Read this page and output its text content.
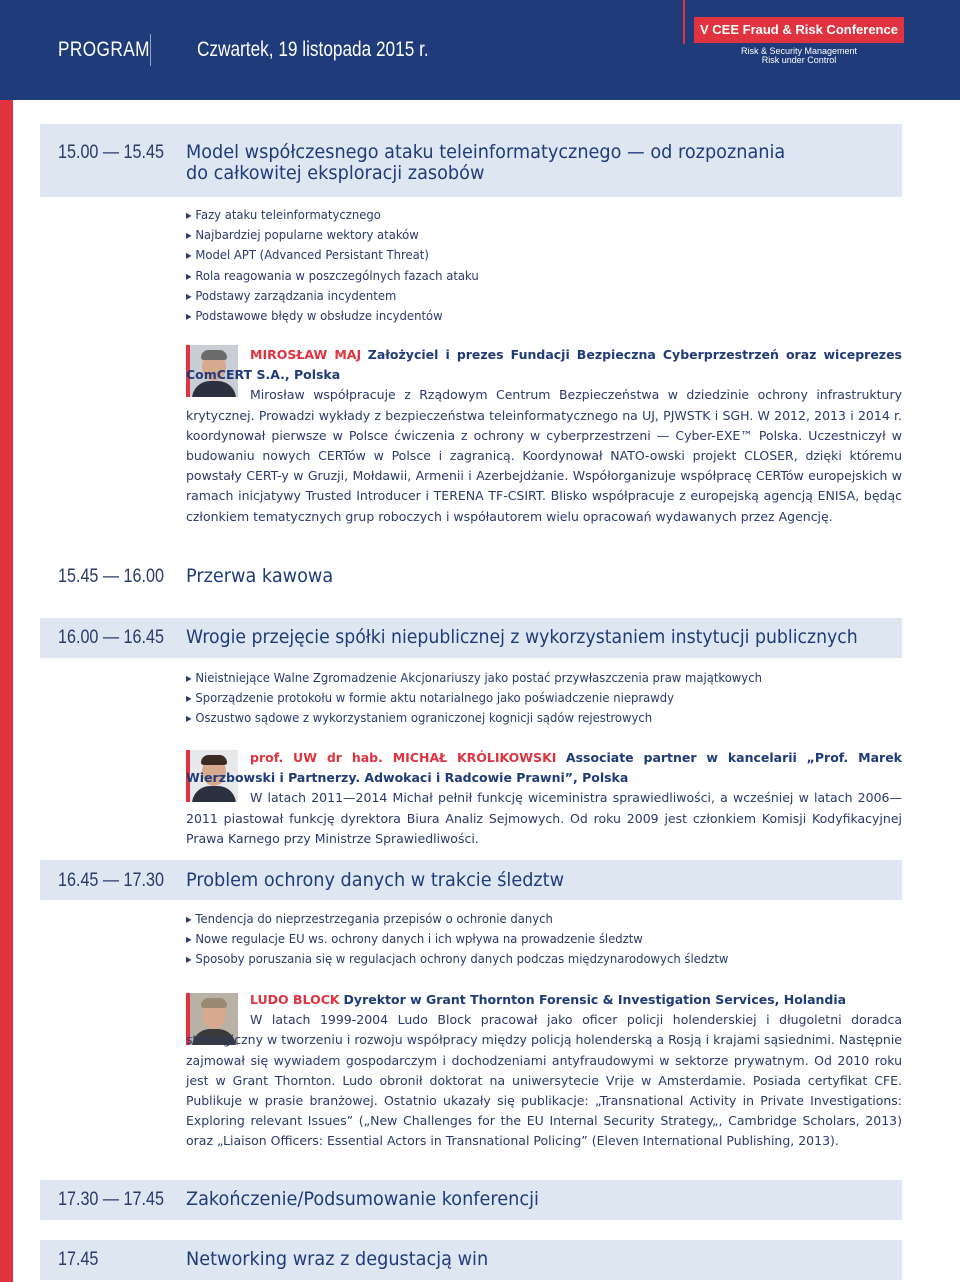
PROGRAM Czwartek, 19 listopada 2015 r.
V CEE Fraud & Risk Conference
Risk & Security Management
Risk under Control
15.00 — 15.45 Model współczesnego ataku teleinformatycznego — od rozpoznania
do całkowitej eksploracji zasobów
▸ Fazy ataku teleinformatycznego
▸ Najbardziej popularne wektory ataków
▸ Model APT (Advanced Persistant Threat)
▸ Rola reagowania w poszczególnych fazach ataku
▸ Podstawy zarządzania incydentem
▸ Podstawowe błędy w obsłudze incydentów

MIROSŁAW MAJ Założyciel i prezes Fundacji Bezpieczna Cyberprzestrzeń oraz wiceprezes ComCERT S.A., Polska

Mirosław współpracuje z Rządowym Centrum Bezpieczeństwa w dziedzinie ochrony infrastruktury krytycznej. Prowadzi wykłady z bezpieczeństwa teleinformatycznego na UJ, PJWSTK i SGH. W 2012, 2013 i 2014 r. koordynował pierwsze w Polsce ćwiczenia z ochrony w cyberprzestrzeni — Cyber-EXE™ Polska. Uczestniczył w budowaniu nowych CERTów w Polsce i zagranicą. Koordynował NATO-owski projekt CLOSER, dzięki któremu powstały CERT-y w Gruzji, Mołdawii, Armenii i Azerbejdżanie. Współorganizuje współpracę CERTów europejskich w ramach inicjatywy Trusted Introducer i TERENA TF-CSIRT. Blisko współpracuje z europejską agencją ENISA, będąc członkiem tematycznych grup roboczych i współautorem wielu opracowań wydawanych przez Agencję.

15.45 — 16.00 Przerwa kawowa
16.00 — 16.45 Wrogie przejęcie spółki niepublicznej z wykorzystaniem instytucji publicznych
▸ Nieistniejące Walne Zgromadzenie Akcjonariuszy jako postać przywłaszczenia praw majątkowych
▸ Sporządzenie protokołu w formie aktu notarialnego jako poświadczenie nieprawdy
▸ Oszustwo sądowe z wykorzystaniem ograniczonej kognicji sądów rejestrowych

prof. UW dr hab. MICHAŁ KRÓLIKOWSKI Associate partner w kancelarii „Prof. Marek Wierzbowski i Partnerzy. Adwokaci i Radcowie Prawni”, Polska

W latach 2011—2014 Michał pełnił funkcję wiceministra sprawiedliwości, a wcześniej w latach 2006—2011 piastował funkcję dyrektora Biura Analiz Sejmowych. Od roku 2009 jest członkiem Komisji Kodyfikacyjnej Prawa Karnego przy Ministrze Sprawiedliwości.

16.45 — 17.30 Problem ochrony danych w trakcie śledztw
▸ Tendencja do nieprzestrzegania przepisów o ochronie danych
▸ Nowe regulacje EU ws. ochrony danych i ich wpływa na prowadzenie śledztw
▸ Sposoby poruszania się w regulacjach ochrony danych podczas międzynarodowych śledztw

LUDO BLOCK Dyrektor w Grant Thornton Forensic & Investigation Services, Holandia

W latach 1999-2004 Ludo Block pracował jako oficer policji holenderskiej i długoletni doradca strategiczny w tworzeniu i rozwoju współpracy między policją holenderską a Rosją i krajami sąsiednimi. Następnie zajmował się wywiadem gospodarczym i dochodzeniami antyfraudowymi w sektorze prywatnym. Od 2010 roku jest w Grant Thornton. Ludo obronił doktorat na uniwersytecie Vrije w Amsterdamie. Posiada certyfikat CFE. Publikuje w prasie branżowej. Ostatnio ukazały się publikacje: „Transnational Activity in Private Investigations: Exploring relevant Issues” („New Challenges for the EU Internal Security Strategy„, Cambridge Scholars, 2013) oraz „Liaison Officers: Essential Actors in Transnational Policing” (Eleven International Publishing, 2013).

17.30 — 17.45 Zakończenie/Podsumowanie konferencji
17.45	Networking wraz z degustacją win
